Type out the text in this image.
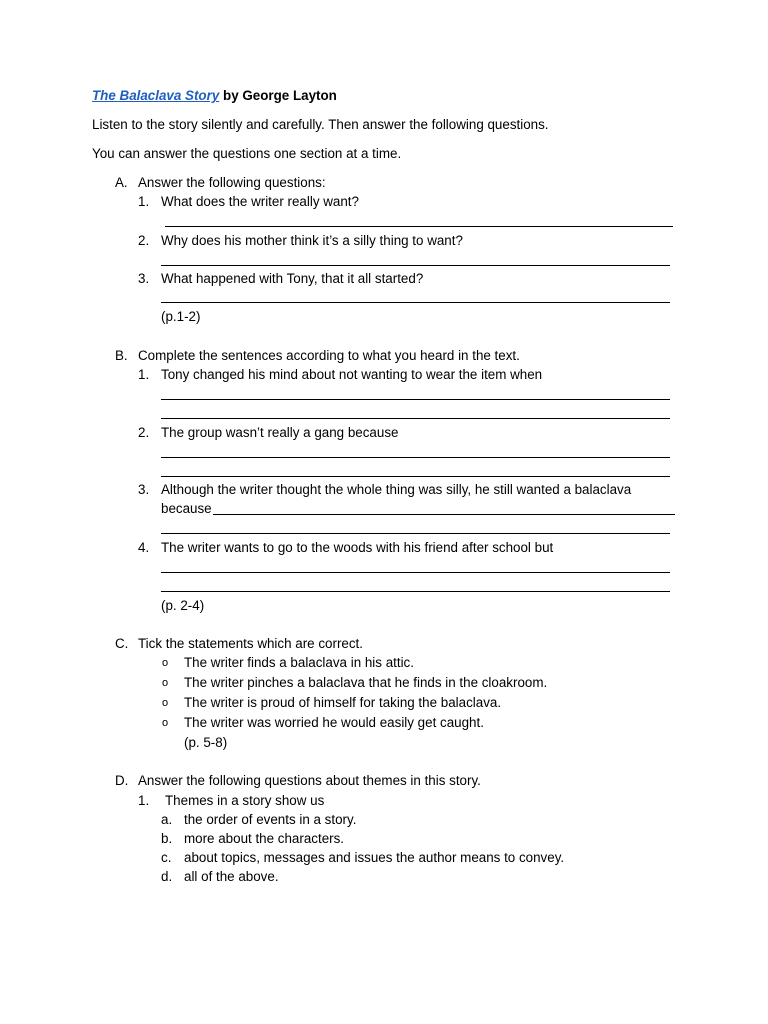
The Balaclava Story by George Layton
Listen to the story silently and carefully. Then answer the following questions.
You can answer the questions one section at a time.
A. Answer the following questions:
1. What does the writer really want?
2. Why does his mother think it’s a silly thing to want?
3. What happened with Tony, that it all started?
(p.1-2)
B. Complete the sentences according to what you heard in the text.
1. Tony changed his mind about not wanting to wear the item when
2. The group wasn’t really a gang because
3. Although the writer thought the whole thing was silly, he still wanted a balaclava
because
4. The writer wants to go to the woods with his friend after school but
(p. 2-4)
C. Tick the statements which are correct.
o The writer finds a balaclava in his attic.
o The writer pinches a balaclava that he finds in the cloakroom.
o The writer is proud of himself for taking the balaclava.
o The writer was worried he would easily get caught.
(p. 5-8)
D. Answer the following questions about themes in this story.
1. Themes in a story show us
a. the order of events in a story.
b. more about the characters.
c. about topics, messages and issues the author means to convey.
d. all of the above.
